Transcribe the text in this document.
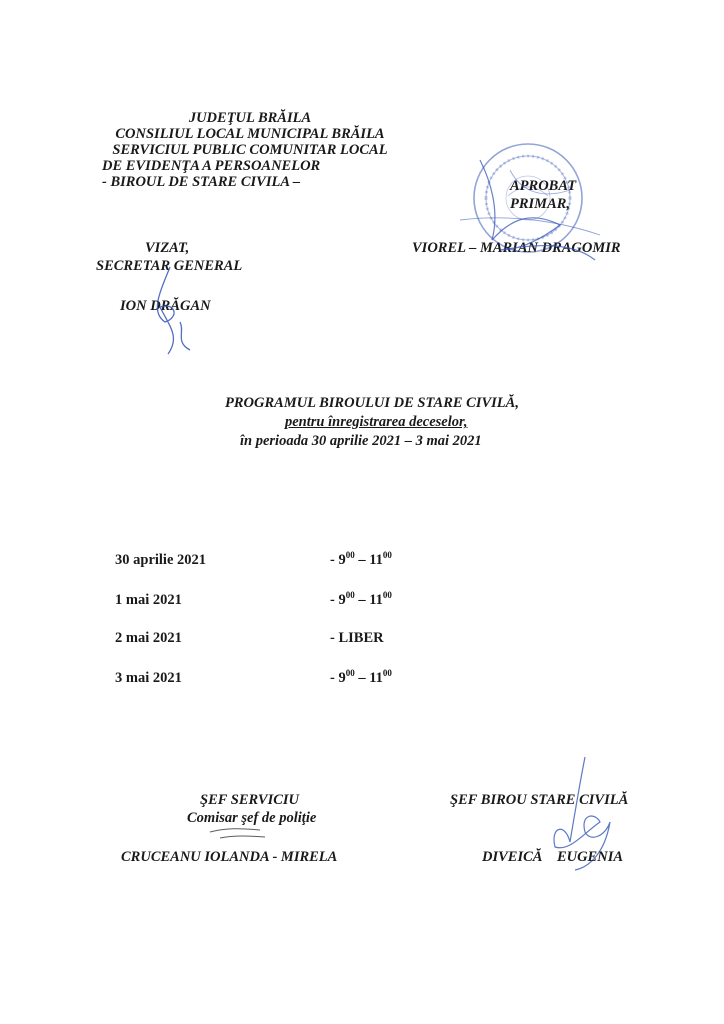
JUDEŢUL BRĂILA
CONSILIUL LOCAL MUNICIPAL BRĂILA
SERVICIUL PUBLIC COMUNITAR LOCAL
DE EVIDENŢA A PERSOANELOR
- BIROUL DE STARE CIVILA –	APROBAT
PRIMAR,
VIOREL – MARIAN DRAGOMIR
VIZAT,
SECRETAR GENERAL
ION DRĂGAN
PROGRAMUL BIROULUI DE STARE CIVILĂ,
pentru înregistrarea deceselor,
în perioada 30 aprilie 2021 – 3 mai 2021
30 aprilie 2021	- $9^{00} - 11^{00}$
1 mai 2021	- $9^{00} - 11^{00}$
2 mai 2021	- LIBER
3 mai 2021	- $9^{00} - 11^{00}$
ŞEF SERVICIU
Comisar şef de poliţie
CRUCEANU IOLANDA - MIRELA
ŞEF BIROU STARE CIVILĂ
DIVEICĂ    EUGENIA
